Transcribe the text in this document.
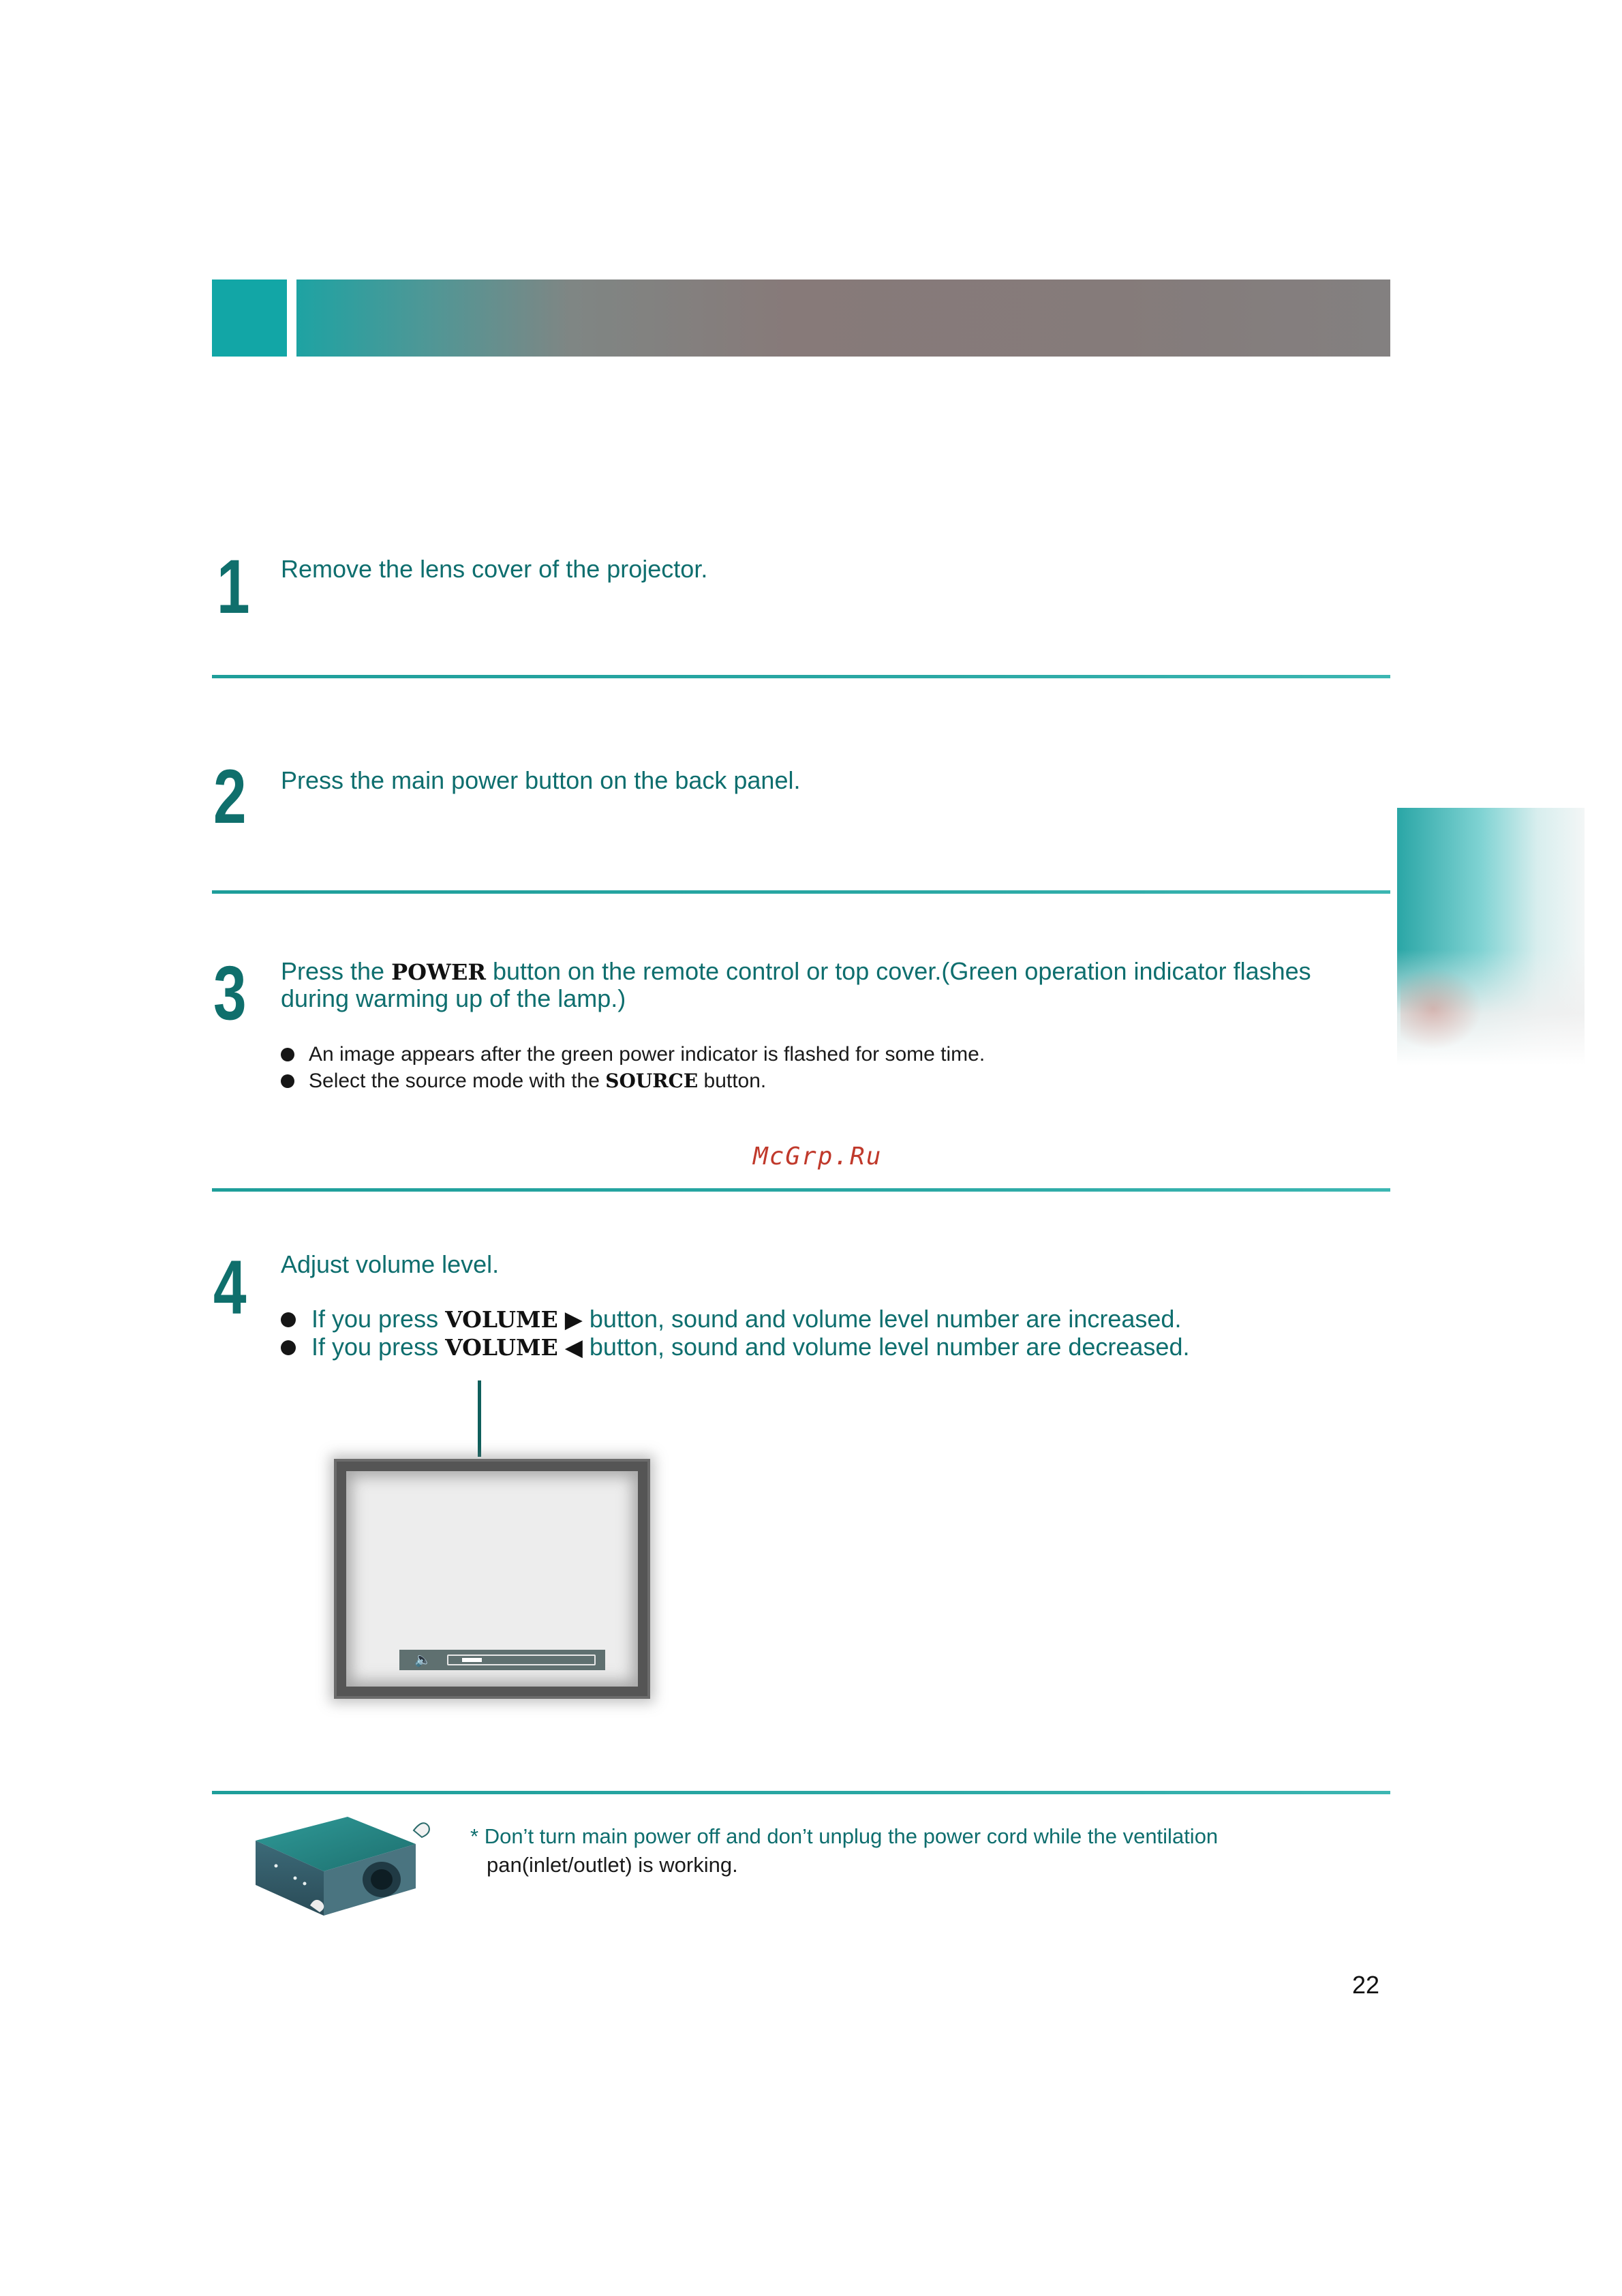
1 Remove the lens cover of the projector.
2 Press the main power button on the back panel.
3 Press the POWER button on the remote control or top cover.(Green operation indicator flashes
during warming up of the lamp.)
An image appears after the green power indicator is flashed for some time.
Select the source mode with the SOURCE button.
McGrp.Ru
4 Adjust volume level.
If you press VOLUME ▶ button, sound and volume level number are increased.
If you press VOLUME ◀ button, sound and volume level number are decreased.
🔈
* Don’t turn main power off and don’t unplug the power cord while the ventilation
pan(inlet/outlet) is working.
22
